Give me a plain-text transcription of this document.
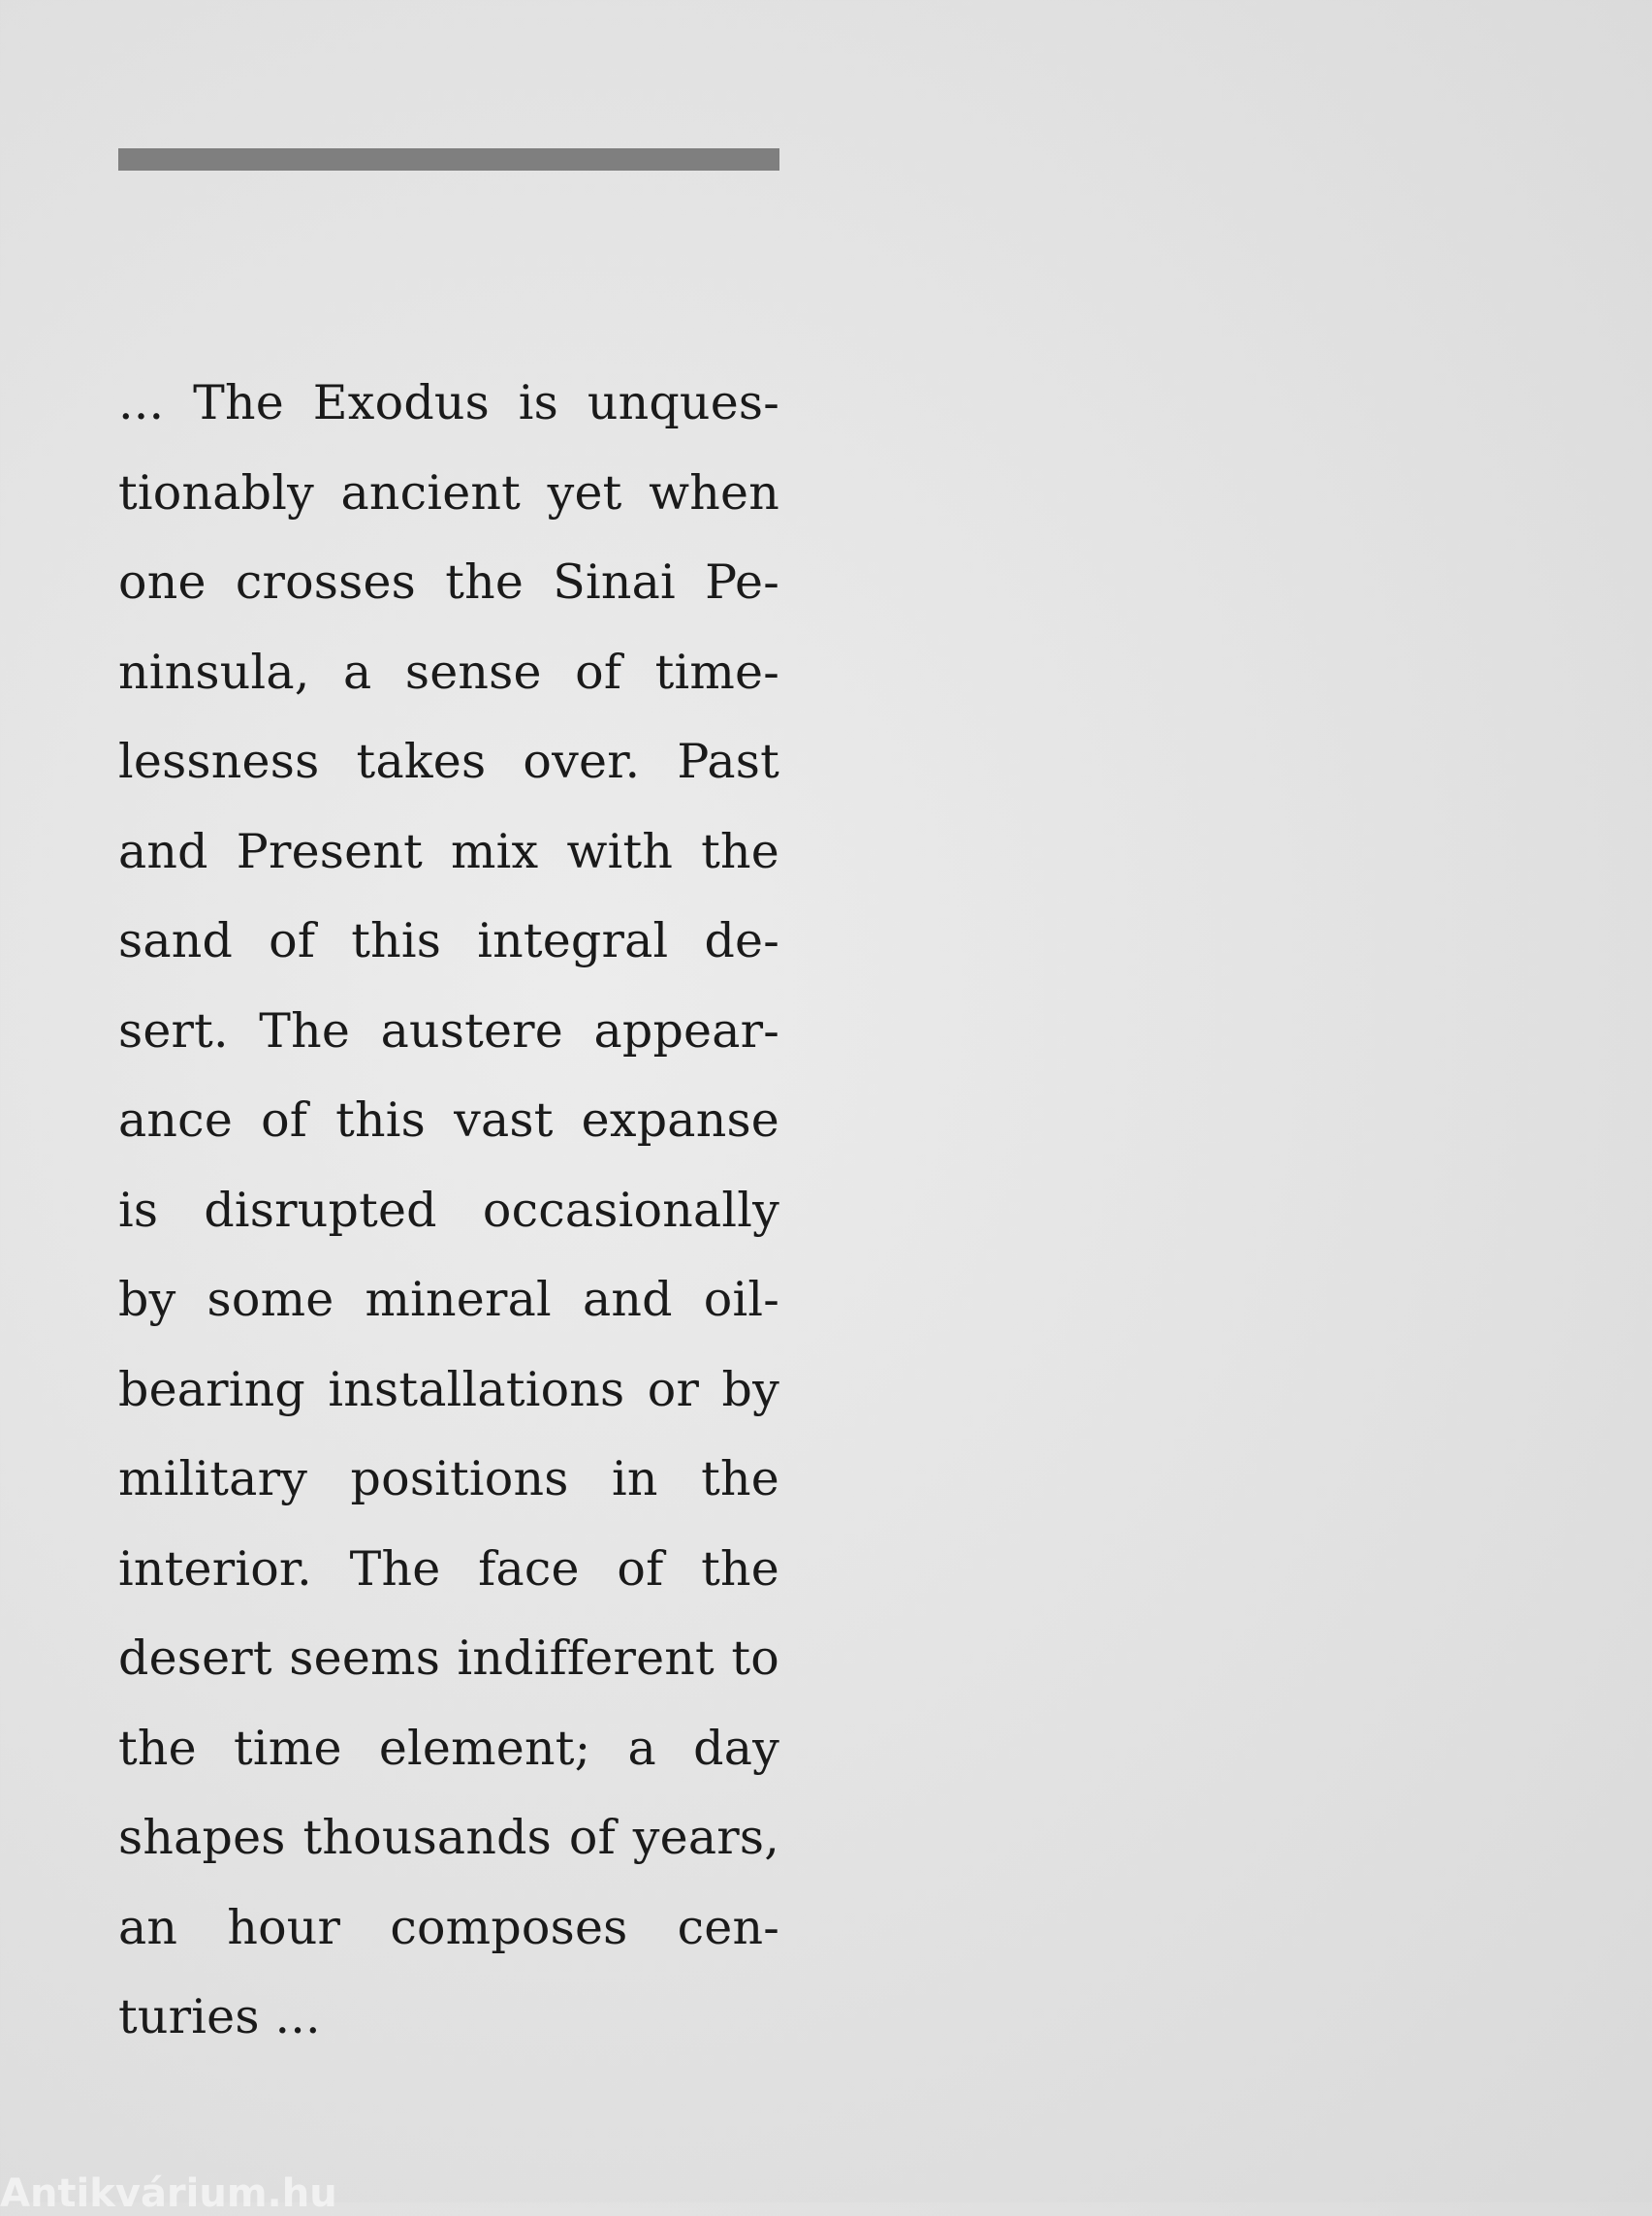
... The Exodus is unques-
tionably ancient yet when
one crosses the Sinai Pe-
ninsula, a sense of time-
lessness takes over. Past
and Present mix with the
sand of this integral de-
sert. The austere appear-
ance of this vast expanse
is disrupted occasionally
by some mineral and oil-
bearing installations or by
military positions in the
interior. The face of the
desert seems indifferent to
the time element; a day
shapes thousands of years,
an hour composes cen-
turies ...
Antikvárium.hu
